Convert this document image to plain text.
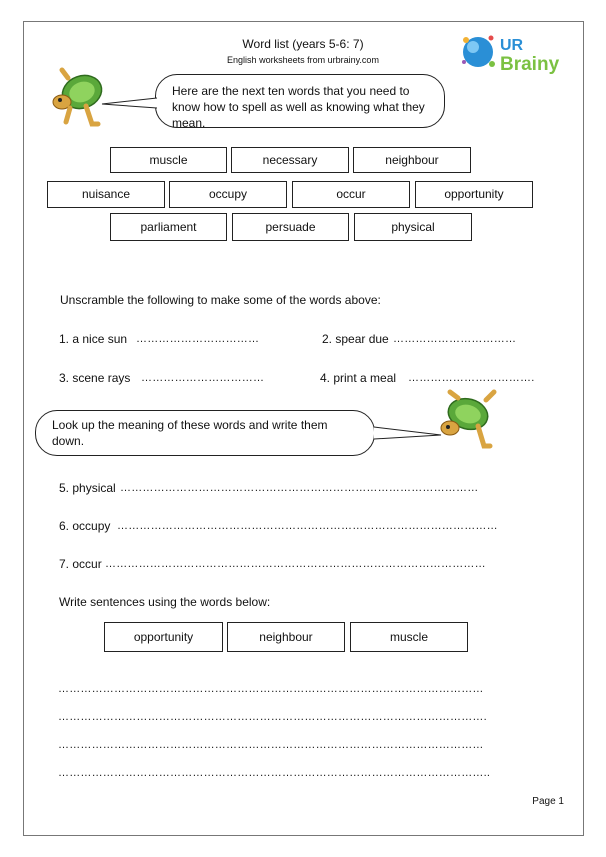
Word list (years 5-6: 7)
English worksheets from urbrainy.com
UR
Brainy
Here are the next ten words that you need to know how to spell as well as knowing what they mean.
muscle	necessary	neighbour
nuisance	occupy	occur	opportunity
parliament	persuade	physical
Unscramble the following to make some of the words above:
1. a nice sun ……………………………	2. spear due ……………………………
3. scene rays ……………………………	4. print a meal …………………………….
Look up the meaning of these words and write them down.
5. physical ……………………………………………………………………………………
6. occupy …………………………………………………………………………………………
7. occur …………………………………………………………………………………………
Write sentences using the words below:
opportunity	neighbour	muscle
……………………………………………………………………………………………………
…………………………………………………………………………………………………….
……………………………………………………………………………………………………
……………………………………………………………………………………………………..
Page 1
